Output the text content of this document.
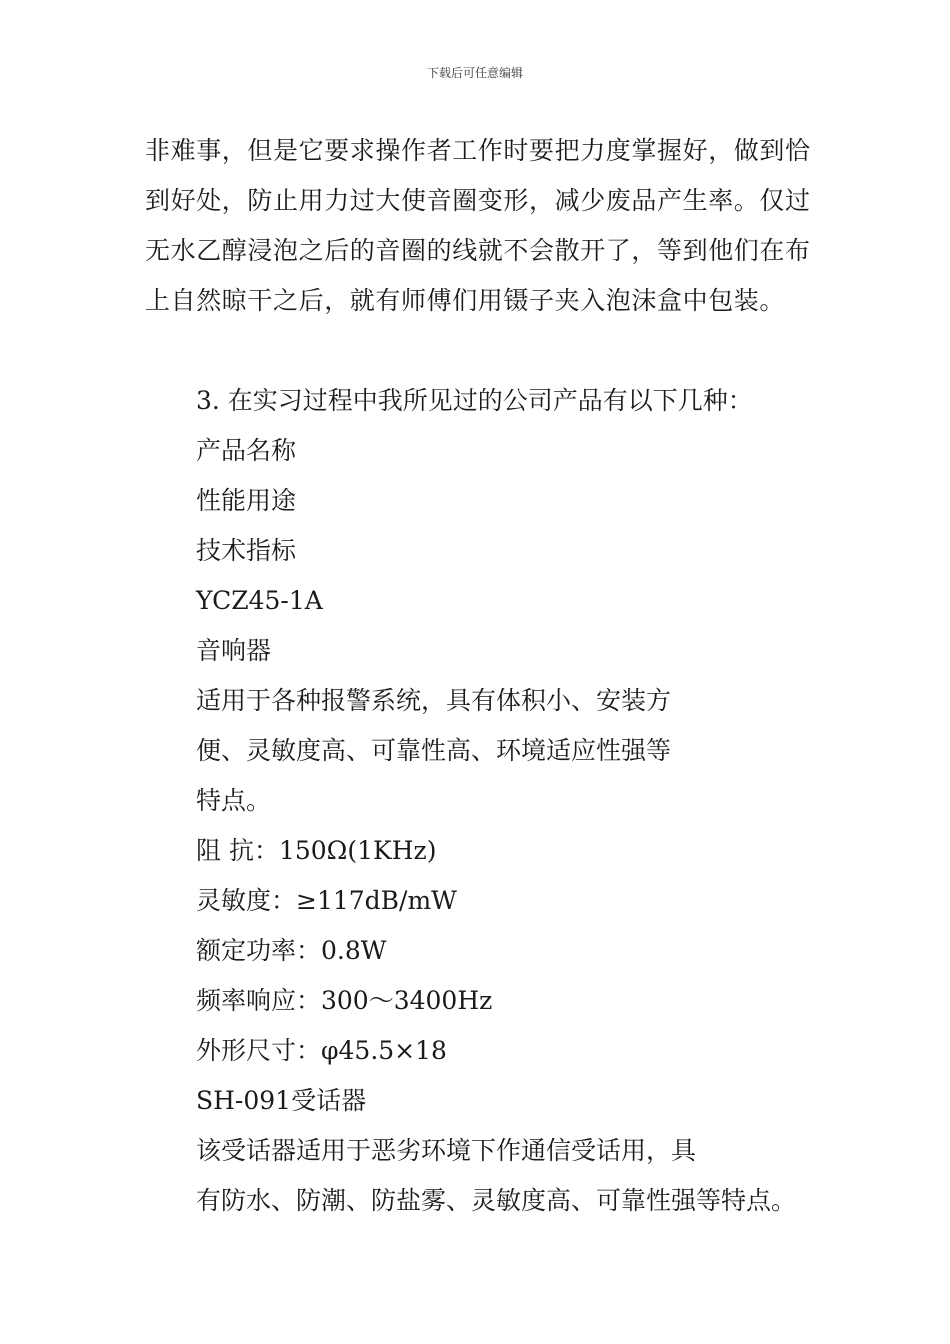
下载后可任意编辑

非难事，但是它要求操作者工作时要把力度掌握好，做到恰到好处，防止用力过大使音圈变形，减少废品产生率。仅过无水乙醇浸泡之后的音圈的线就不会散开了，等到他们在布上自然晾干之后，就有师傅们用镊子夹入泡沫盒中包装。

3. 在实习过程中我所见过的公司产品有以下几种：
产品名称
性能用途
技术指标
YCZ45-1A
音响器
适用于各种报警系统，具有体积小、安装方
便、灵敏度高、可靠性高、环境适应性强等
特点。
阻 抗：150Ω(1KHz)
灵敏度：≥117dB/mW
额定功率：0.8W
频率响应：300～3400Hz
外形尺寸：φ45.5×18
SH-091受话器
该受话器适用于恶劣环境下作通信受话用，具
有防水、防潮、防盐雾、灵敏度高、可靠性强等特点。
